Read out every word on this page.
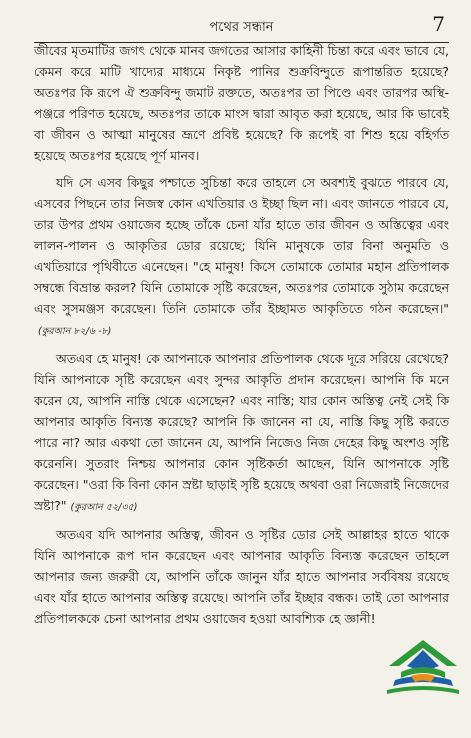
পথের সন্ধান	7

জীবের মৃতমাটির জগৎ থেকে মানব জগতের আসার কাহিনী চিন্তা করে এবং ভাবে যে, কেমন করে মাটি খাদ্যের মাধ্যমে নিকৃষ্ট পানির শুক্রবিন্দুতে রূপান্তরিত হয়েছে? অতঃপর কি রূপে ঐ শুক্রবিন্দু জমাট রক্ততে, অতঃপর তা পিণ্ডে এবং তারপর অস্থি-পঞ্জরে পরিণত হয়েছে, অতঃপর তাকে মাংস দ্বারা আবৃত করা হয়েছে, আর কি ভাবেই বা জীবন ও আত্মা মানুষের ভ্রূণে প্রবিষ্ট হয়েছে? কি রূপেই বা শিশু হয়ে বহির্গত হয়েছে অতঃপর হয়েছে পূর্ণ মানব।

যদি সে এসব কিছুর পশ্চাতে সুচিন্তা করে তাহলে সে অবশ্যই বুঝতে পারবে যে, এসবের পিছনে তার নিজস্ব কোন এখতিয়ার ও ইচ্ছা ছিল না। এবং জানতে পারবে যে, তার উপর প্রথম ওয়াজেব হচ্ছে তাঁকে চেনা যাঁর হাতে তার জীবন ও অস্তিত্বের এবং লালন-পালন ও আকৃতির ডোর রয়েছে; যিনি মানুষকে তার বিনা অনুমতি ও এখতিয়ারে পৃথিবীতে এনেছেন। "হে মানুষ! কিসে তোমাকে তোমার মহান প্রতিপালক সম্বন্ধে বিভ্রান্ত করল? যিনি তোমাকে সৃষ্টি করেছেন, অতঃপর তোমাকে সুঠাম করেছেন এবং সুসমঞ্জস করেছেন। তিনি তোমাকে তাঁর ইচ্ছামত আকৃতিতে গঠন করেছেন।"(কুরআন ৮২/৬ -৮)

অতএব হে মানুষ! কে আপনাকে আপনার প্রতিপালক থেকে দূরে সরিয়ে রেখেছে? যিনি আপনাকে সৃষ্টি করেছেন এবং সুন্দর আকৃতি প্রদান করেছেন। আপনি কি মনে করেন যে, আপনি নাস্তি থেকে এসেছেন? এবং নাস্তি; যার কোন অস্তিত্ব নেই সেই কি আপনার আকৃতি বিন্যস্ত করেছে? আপনি কি জানেন না যে, নাস্তি কিছু সৃষ্টি করতে পারে না? আর একথা তো জানেন যে, আপনি নিজেও নিজ দেহের কিছু অংশও সৃষ্টি করেননি। সুতরাং নিশ্চয় আপনার কোন সৃষ্টিকর্তা আছেন, যিনি আপনাকে সৃষ্টি করেছেন। "ওরা কি বিনা কোন স্রষ্টা ছাড়াই সৃষ্টি হয়েছে অথবা ওরা নিজেরাই নিজেদের স্রষ্টা?" (কুরআন ৫২/৩৫)

অতএব যদি আপনার অস্তিত্ব, জীবন ও সৃষ্টির ডোর সেই আল্লাহর হাতে থাকে যিনি আপনাকে রূপ দান করেছেন এবং আপনার আকৃতি বিন্যস্ত করেছেন তাহলে আপনার জন্য জরুরী যে, আপনি তাঁকে জানুন যাঁর হাতে আপনার সর্ববিষয় রয়েছে এবং যাঁর হাতে আপনার অস্তিত্ব রয়েছে। আপনি তাঁর ইচ্ছার বন্ধক। তাই তো আপনার প্রতিপালককে চেনা আপনার প্রথম ওয়াজেব হওয়া আবশ্যিক হে জ্ঞানী!
